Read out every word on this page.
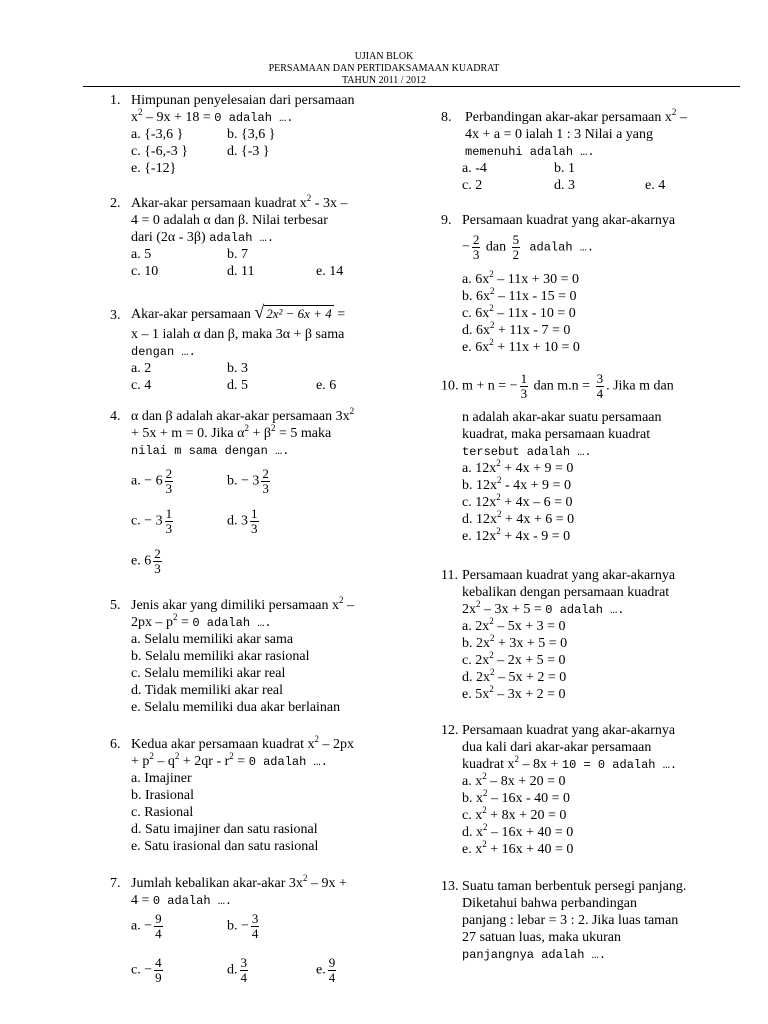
UJIAN BLOK
PERSAMAAN DAN PERTIDAKSAMAAN KUADRAT
TAHUN 2011 / 2012
1. Himpunan penyelesaian dari persamaan
$x^2 - 9x + 18 = 0$ adalah ….
a. {-3,6 }	b. {3,6 }
c. {-6,-3 }	d. {-3 }
e. {-12}
2. Akar-akar persamaan kuadrat $x^2 - 3x$ –
4 = 0 adalah α dan β. Nilai terbesar
dari (2α - 3β) adalah ….
a. 5	b. 7
c. 10	d. 11	e. 14
3. Akar-akar persamaan √ 2x² − 6x + 4 =
x – 1 ialah α dan β, maka 3α + β sama
dengan ….
a. 2	b. 3
c. 4	d. 5	e. 6
4. α dan β adalah akar-akar persamaan $3x^2$
+ 5x + m = 0. Jika $\alpha^2 + \beta^2 = 5$ maka
nilai m sama dengan ….
a. − $6 \frac{2}{3}$	b. − $3 \frac{2}{3}$
c. − $3 \frac{1}{3}$	d. $3 \frac{1}{3}$
e. $6 \frac{2}{3}$
5. Jenis akar yang dimiliki persamaan $x^2$ –
$2px - p^2 = 0$ adalah ….
a. Selalu memiliki akar sama
b. Selalu memiliki akar rasional
c. Selalu memiliki akar real
d. Tidak memiliki akar real
e. Selalu memiliki dua akar berlainan
6. Kedua akar persamaan kuadrat $x^2 - 2px$
+ $p^2 - q^2 + 2qr - r^2 = 0$ adalah ….
a. Imajiner
b. Irasional
c. Rasional
d. Satu imajiner dan satu rasional
e. Satu irasional dan satu rasional
7. Jumlah kebalikan akar-akar $3x^2 - 9x$ +
4 = 0 adalah ….
a. − $\frac{9}{4}$	b. − $\frac{3}{4}$
c. − $\frac{4}{9}$	d. $\frac{3}{4}$	e. $\frac{9}{4}$
8. Perbandingan akar-akar persamaan $x^2$ –
4x + a = 0 ialah 1 : 3 Nilai a yang
memenuhi adalah ….
a. -4	b. 1
c. 2	d. 3	e. 4
9. Persamaan kuadrat yang akar-akarnya
− $\frac{2}{3}$ dan $\frac{5}{2}$ adalah ….
a. $6x^2 - 11x + 30 = 0$
b. $6x^2 - 11x - 15 = 0$
c. $6x^2 - 11x - 10 = 0$
d. $6x^2 + 11x - 7 = 0$
e. $6x^2 + 11x + 10 = 0$
10. m + n = − $\frac{1}{3}$ dan $m.n = \frac{3}{4}$ . Jika m dan
n adalah akar-akar suatu persamaan
kuadrat, maka persamaan kuadrat
tersebut adalah ….
a. $12x^2 + 4x + 9 = 0$
b. $12x^2 - 4x + 9 = 0$
c. $12x^2 + 4x - 6 = 0$
d. $12x^2 + 4x + 6 = 0$
e. $12x^2 + 4x - 9 = 0$
11. Persamaan kuadrat yang akar-akarnya
kebalikan dengan persamaan kuadrat
$2x^2 - 3x + 5 = 0$ adalah ….
a. $2x^2 - 5x + 3 = 0$
b. $2x^2 + 3x + 5 = 0$
c. $2x^2 - 2x + 5 = 0$
d. $2x^2 - 5x + 2 = 0$
e. $5x^2 - 3x + 2 = 0$
12. Persamaan kuadrat yang akar-akarnya
dua kali dari akar-akar persamaan
kuadrat $x^2 - 8x + 10 = 0$ adalah ….
a. $x^2 - 8x + 20 = 0$
b. $x^2 - 16x - 40 = 0$
c. $x^2 + 8x + 20 = 0$
d. $x^2 - 16x + 40 = 0$
e. $x^2 + 16x + 40 = 0$
13. Suatu taman berbentuk persegi panjang.
Diketahui bahwa perbandingan
panjang : lebar = 3 : 2. Jika luas taman
27 satuan luas, maka ukuran
panjangnya adalah ….
